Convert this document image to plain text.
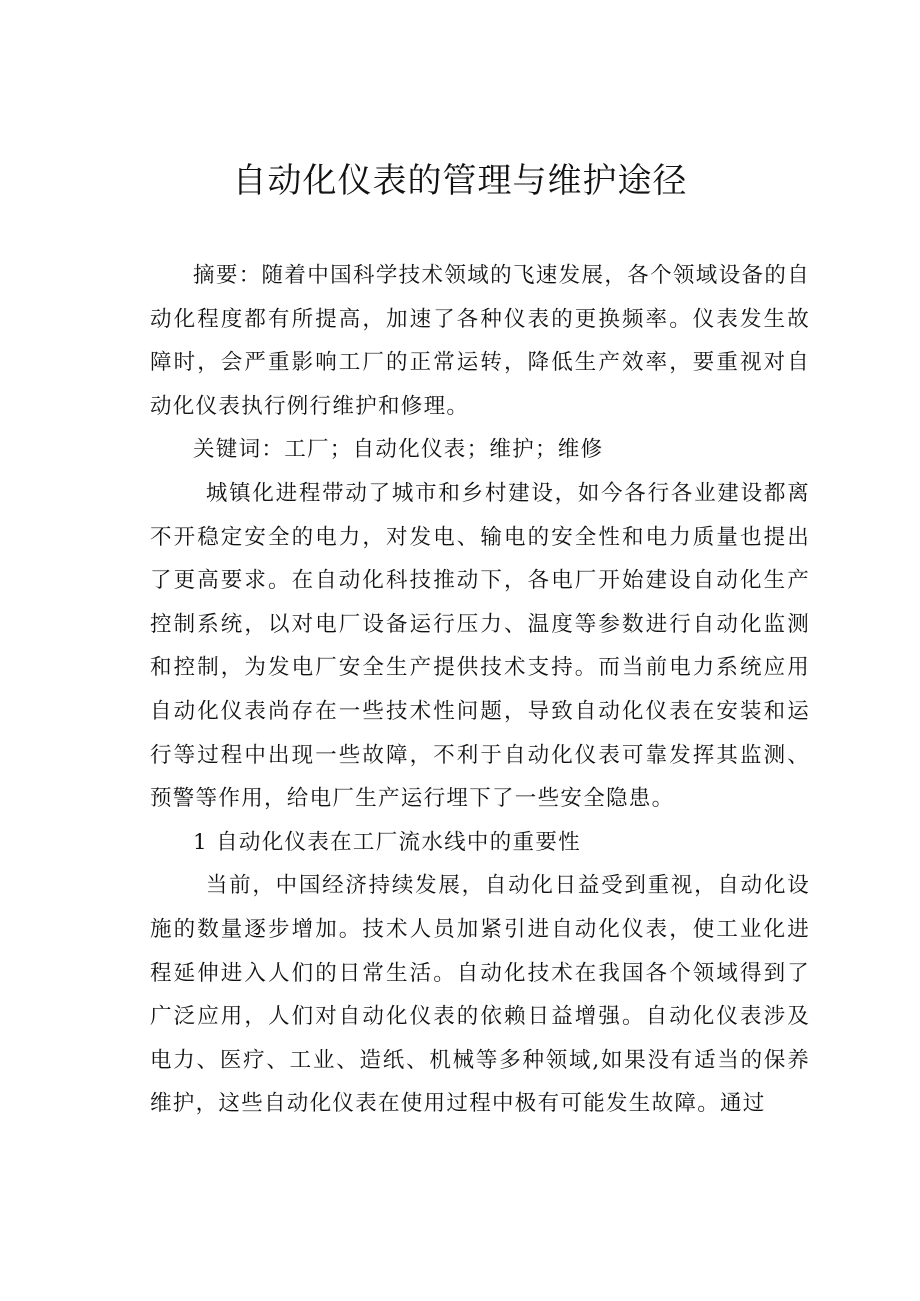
自动化仪表的管理与维护途径

摘要：随着中国科学技术领域的飞速发展，各个领域设备的自动化程度都有所提高，加速了各种仪表的更换频率。仪表发生故障时，会严重影响工厂的正常运转，降低生产效率，要重视对自动化仪表执行例行维护和修理。

关键词：工厂；自动化仪表；维护；维修

城镇化进程带动了城市和乡村建设，如今各行各业建设都离不开稳定安全的电力，对发电、输电的安全性和电力质量也提出了更高要求。在自动化科技推动下，各电厂开始建设自动化生产控制系统，以对电厂设备运行压力、温度等参数进行自动化监测和控制，为发电厂安全生产提供技术支持。而当前电力系统应用自动化仪表尚存在一些技术性问题，导致自动化仪表在安装和运行等过程中出现一些故障，不利于自动化仪表可靠发挥其监测、预警等作用，给电厂生产运行埋下了一些安全隐患。

1 自动化仪表在工厂流水线中的重要性

当前，中国经济持续发展，自动化日益受到重视，自动化设施的数量逐步增加。技术人员加紧引进自动化仪表，使工业化进程延伸进入人们的日常生活。自动化技术在我国各个领域得到了广泛应用，人们对自动化仪表的依赖日益增强。自动化仪表涉及电力、医疗、工业、造纸、机械等多种领域,如果没有适当的保养维护，这些自动化仪表在使用过程中极有可能发生故障。通过
